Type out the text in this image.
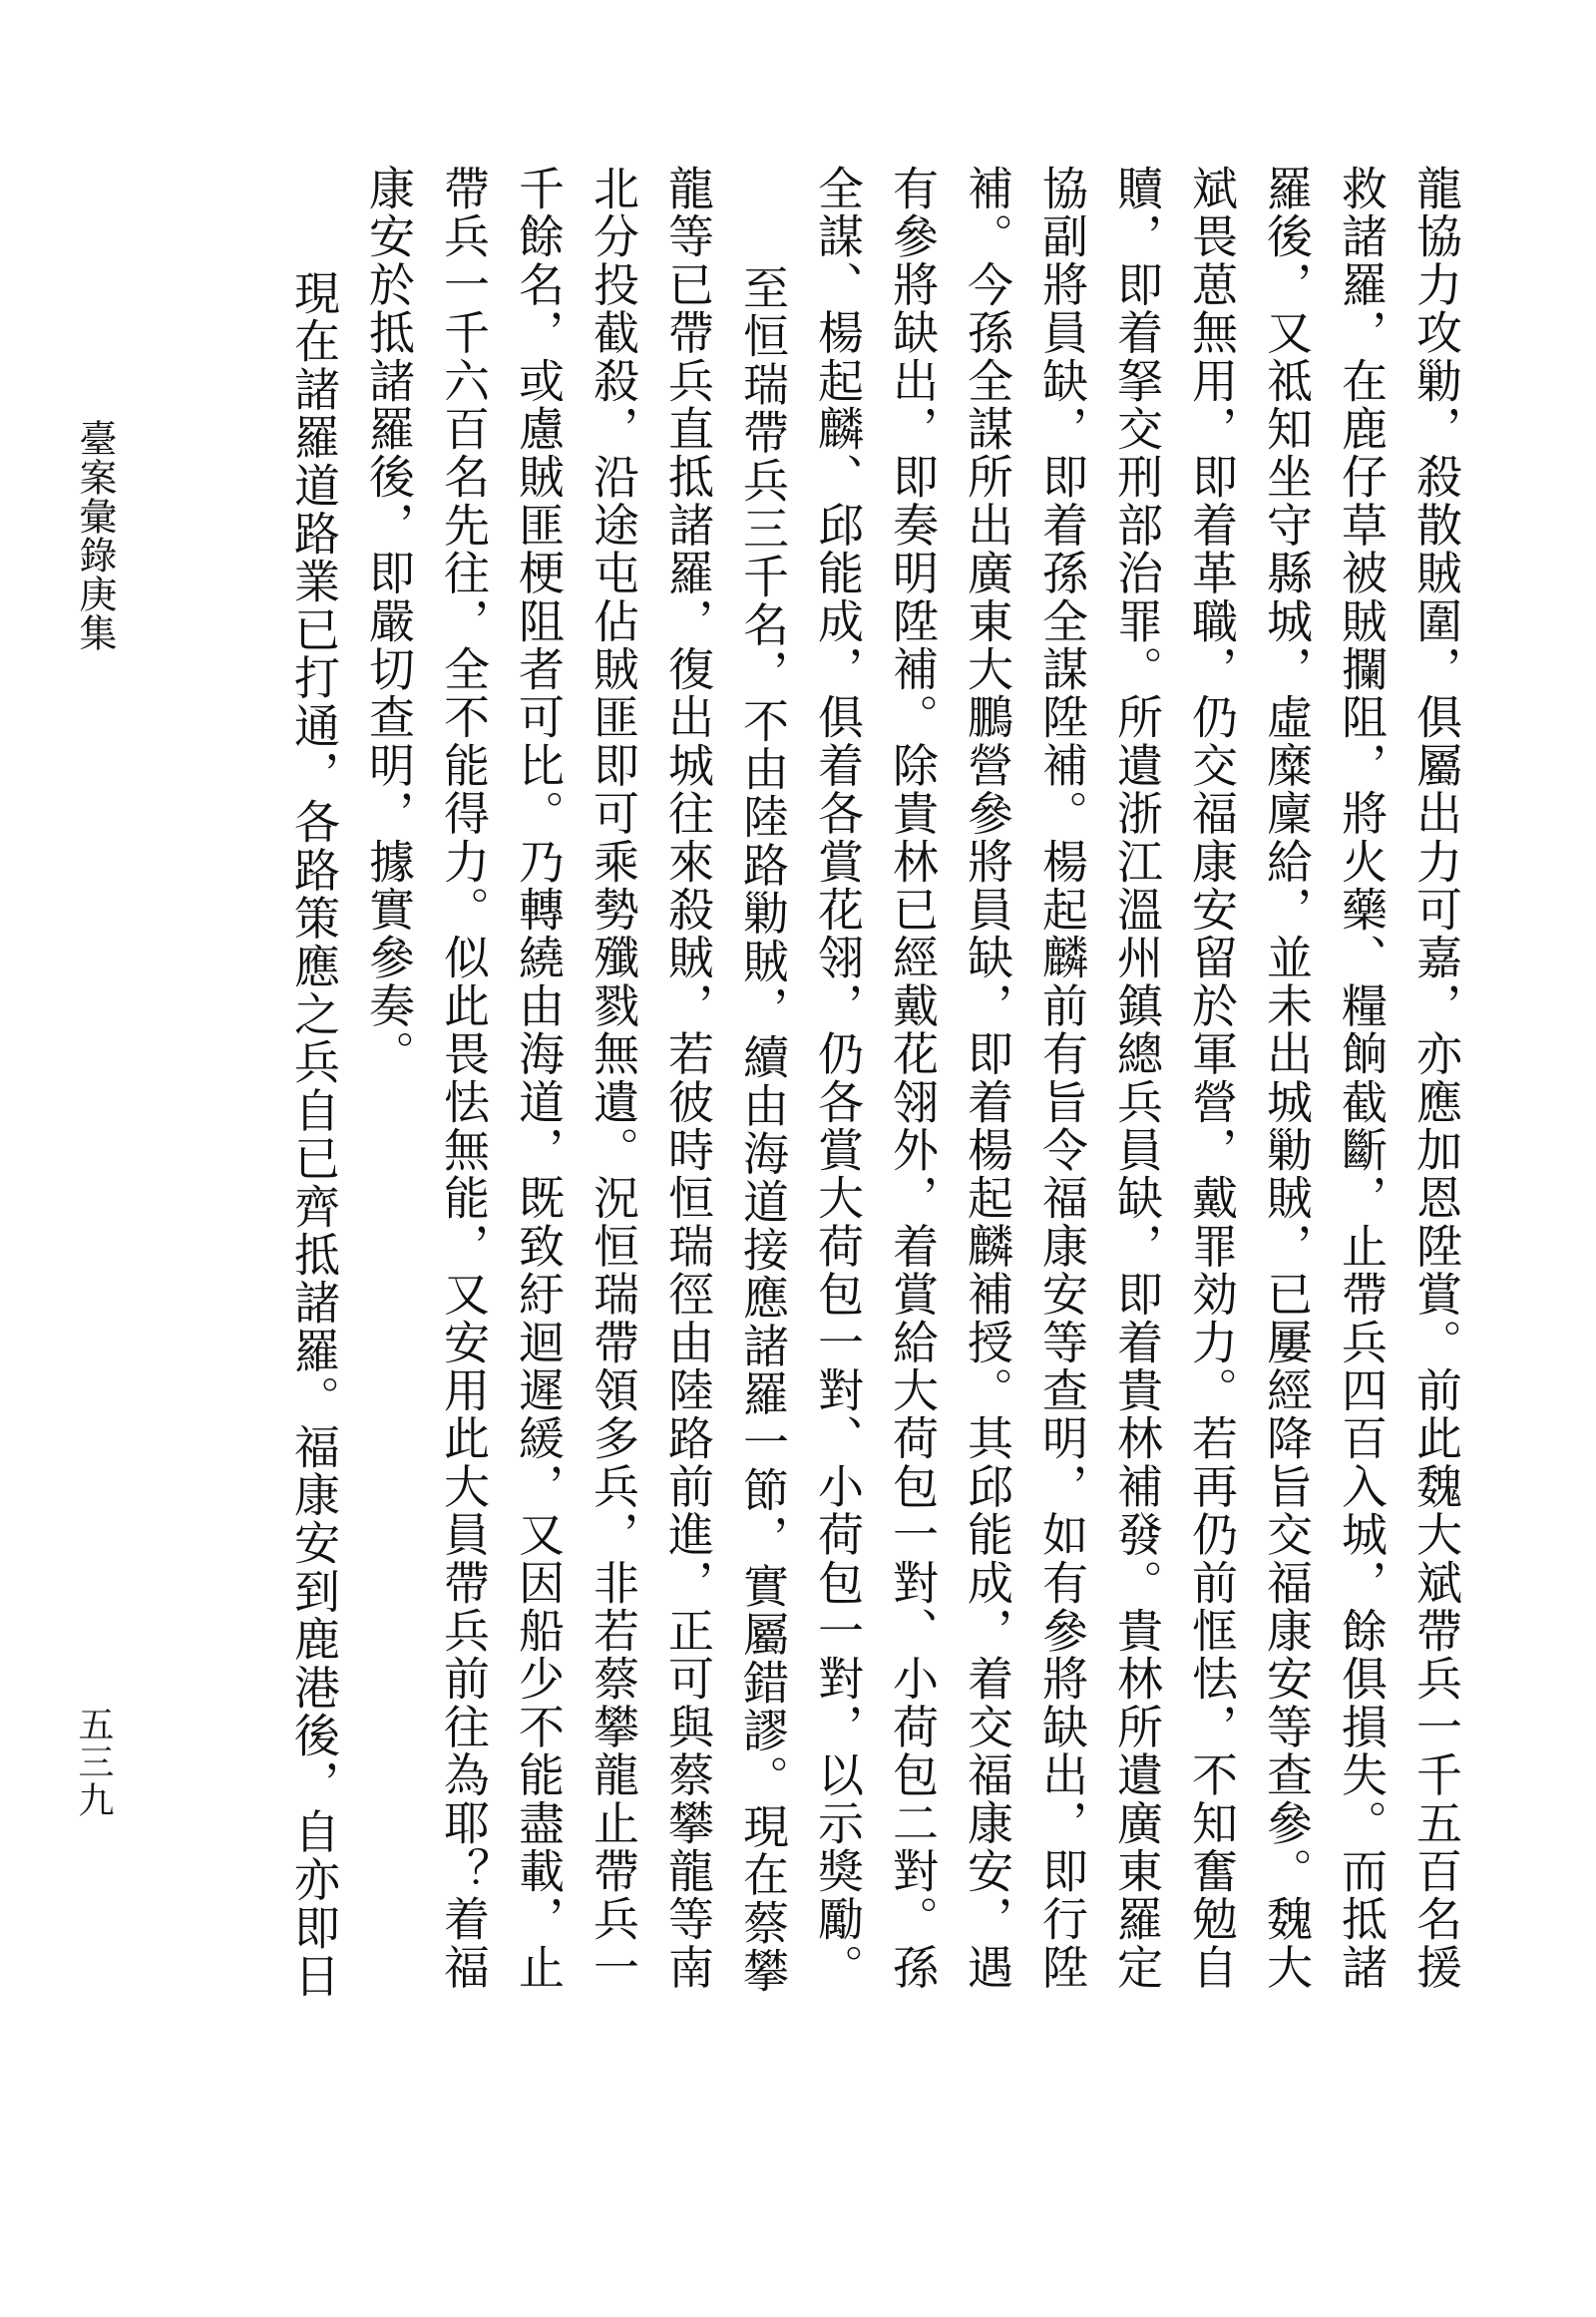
龍協力攻勦，殺散賊圍，俱屬出力可嘉，亦應加恩陞賞。前此魏大斌帶兵一千五百名援
救諸羅，在鹿仔草被賊攔阻，將火藥、糧餉截斷，止帶兵四百入城，餘俱損失。而抵諸
羅後，又祗知坐守縣城，虛糜廩給，並未出城勦賊，已屢經降旨交福康安等查參。魏大
斌畏葸無用，即着革職，仍交福康安留於軍營，戴罪効力。若再仍前恇怯，不知奮勉自
贖，即着拏交刑部治罪。所遺浙江溫州鎮總兵員缺，即着貴林補發。貴林所遺廣東羅定
協副將員缺，即着孫全謀陞補。楊起麟前有旨令福康安等查明，如有參將缺出，即行陞
補。今孫全謀所出廣東大鵬營參將員缺，即着楊起麟補授。其邱能成，着交福康安，遇
有參將缺出，即奏明陞補。除貴林已經戴花翎外，着賞給大荷包一對、小荷包二對。孫
全謀、楊起麟、邱能成，俱着各賞花翎，仍各賞大荷包一對、小荷包一對，以示獎勵。
至恒瑞帶兵三千名，不由陸路勦賊，續由海道接應諸羅一節，實屬錯謬。現在蔡攀
龍等已帶兵直抵諸羅，復出城往來殺賊，若彼時恒瑞徑由陸路前進，正可與蔡攀龍等南
北分投截殺，沿途屯佔賊匪即可乘勢殲戮無遺。況恒瑞帶領多兵，非若蔡攀龍止帶兵一
千餘名，或慮賊匪梗阻者可比。乃轉繞由海道，既致紆迴遲緩，又因船少不能盡載，止
帶兵一千六百名先往，全不能得力。似此畏怯無能，又安用此大員帶兵前往為耶？着福
康安於抵諸羅後，即嚴切查明，據實參奏。
現在諸羅道路業已打通，各路策應之兵自已齊抵諸羅。福康安到鹿港後，自亦即日
臺案彙錄庚集
五三九
